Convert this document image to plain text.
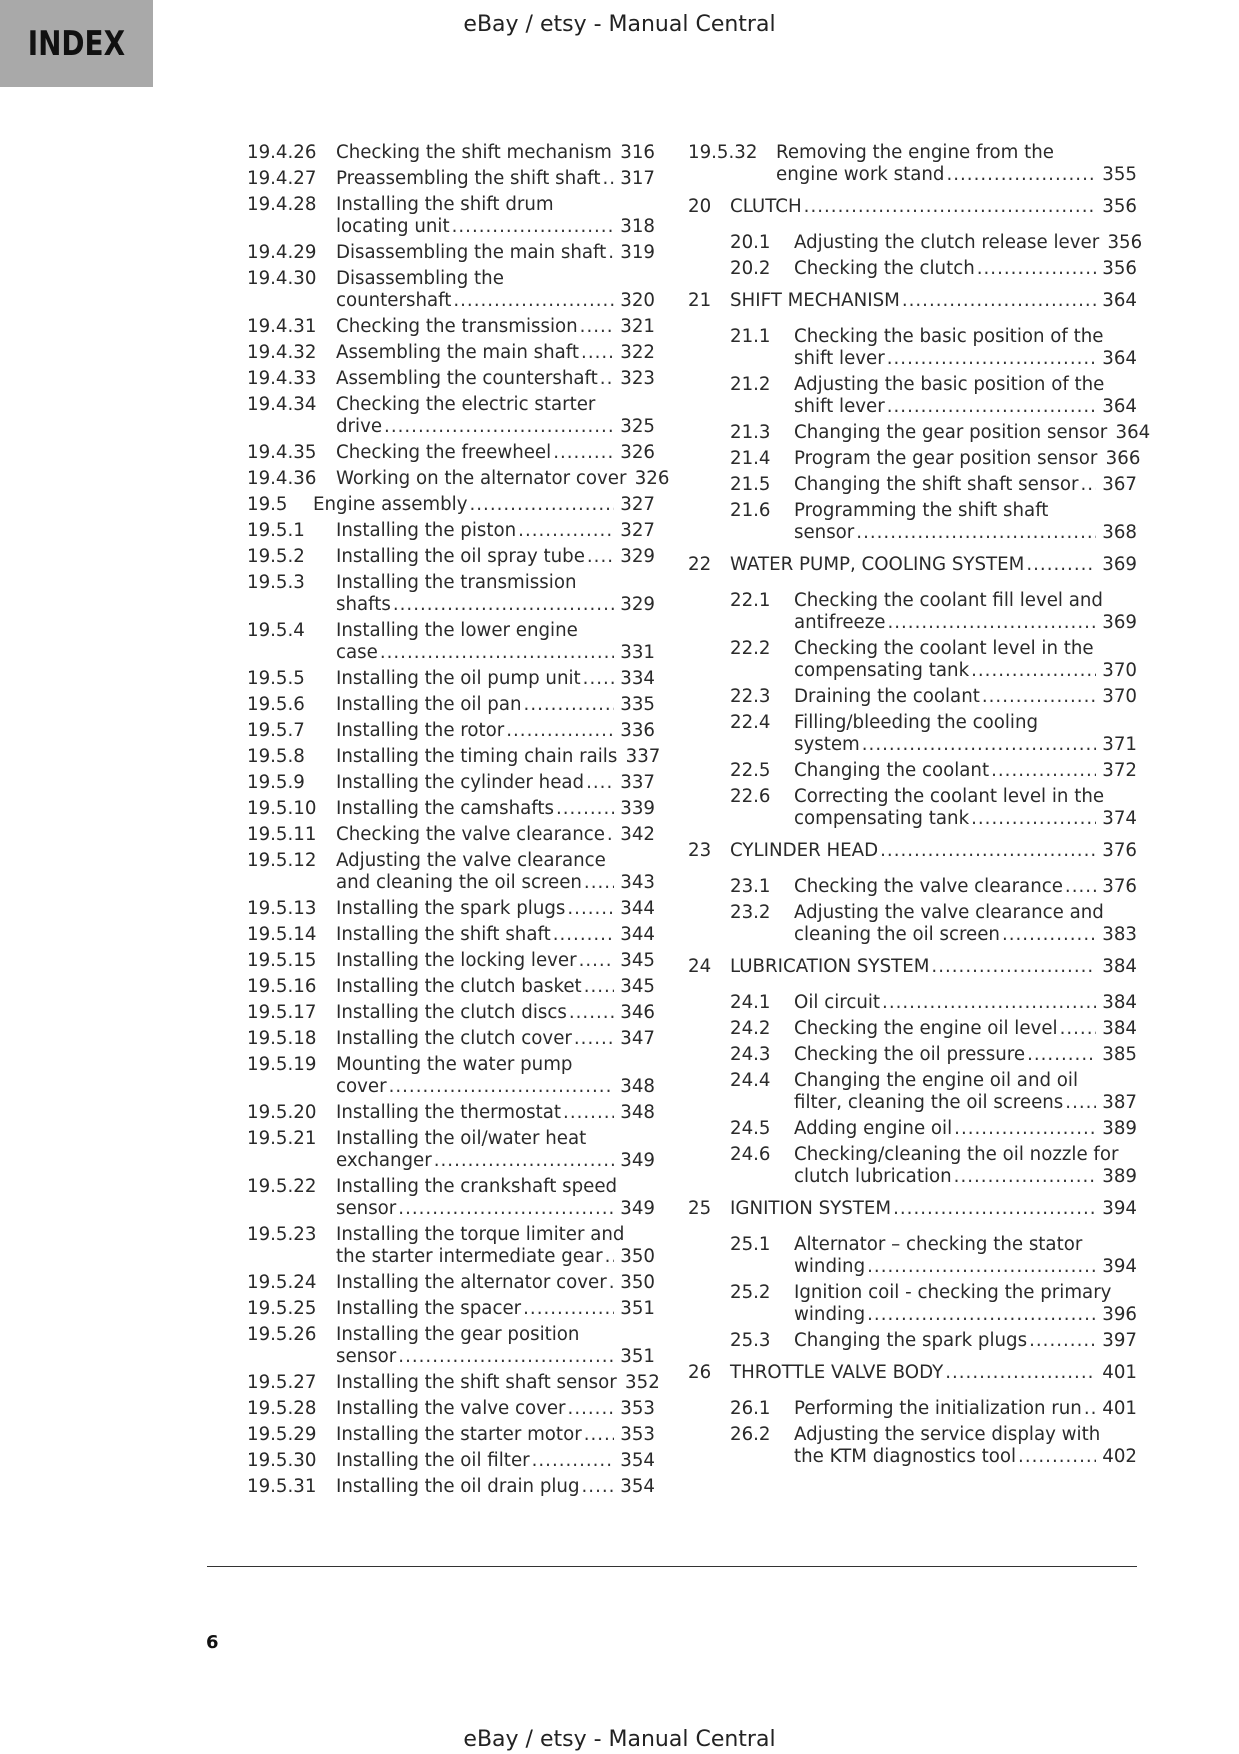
INDEX	eBay / etsy - Manual Central
19.4.26 Checking the shift mechanism ..... 316
19.4.27 Preassembling the shift shaft ..... 317
19.4.28 Installing the shift drum
locating unit .....	318
19.4.29 Disassembling the main shaft ..... 319
19.4.30 Disassembling the
countershaft .....	320
19.4.31 Checking the transmission ..... 321
19.4.32 Assembling the main shaft ..... 322
19.4.33 Assembling the countershaft ..... 323
19.4.34 Checking the electric starter
drive .....	325
19.4.35 Checking the freewheel .....	326
19.4.36 Working on the alternator cover 326
19.5 Engine assembly .....	327
19.5.1 Installing the piston .....	327
19.5.2 Installing the oil spray tube ..... 329
19.5.3 Installing the transmission
shafts .....	329
19.5.4 Installing the lower engine
case .....	331
19.5.5 Installing the oil pump unit ..... 334
19.5.6 Installing the oil pan .....	335
19.5.7 Installing the rotor .....	336
19.5.8 Installing the timing chain rails 337
19.5.9 Installing the cylinder head ..... 337
19.5.10 Installing the camshafts .....	339
19.5.11 Checking the valve clearance ..... 342
19.5.12 Adjusting the valve clearance
and cleaning the oil screen ..... 343
19.5.13 Installing the spark plugs .....	344
19.5.14 Installing the shift shaft .....	344
19.5.15 Installing the locking lever ..... 345
19.5.16 Installing the clutch basket ..... 345
19.5.17 Installing the clutch discs .....	346
19.5.18 Installing the clutch cover .....	347
19.5.19 Mounting the water pump
cover .....	348
19.5.20 Installing the thermostat .....	348
19.5.21 Installing the oil/water heat
exchanger .....	349
19.5.22 Installing the crankshaft speed
sensor .....	349
19.5.23 Installing the torque limiter and
the starter intermediate gear ..... 350
19.5.24 Installing the alternator cover ..... 350
19.5.25 Installing the spacer .....	351
19.5.26 Installing the gear position
sensor .....	351
19.5.27 Installing the shift shaft sensor 352
19.5.28 Installing the valve cover .....	353
19.5.29 Installing the starter motor ..... 353
19.5.30 Installing the oil filter .....	354
19.5.31 Installing the oil drain plug ..... 354
19.5.32 Removing the engine from the
engine work stand .....	355
20 CLUTCH .....	356
20.1 Adjusting the clutch release lever 356
20.2 Checking the clutch .....	356
21 SHIFT MECHANISM .....	364
21.1 Checking the basic position of the
shift lever .....	364
21.2 Adjusting the basic position of the
shift lever .....	364
21.3 Changing the gear position sensor 364
21.4 Program the gear position sensor 366
21.5 Changing the shift shaft sensor ..... 367
21.6 Programming the shift shaft
sensor .....	368
22 WATER PUMP, COOLING SYSTEM .....	369
22.1 Checking the coolant fill level and
antifreeze .....	369
22.2 Checking the coolant level in the
compensating tank .....	370
22.3 Draining the coolant .....	370
22.4 Filling/bleeding the cooling
system .....	371
22.5 Changing the coolant .....	372
22.6 Correcting the coolant level in the
compensating tank .....	374
23 CYLINDER HEAD .....	376
23.1 Checking the valve clearance ..... 376
23.2 Adjusting the valve clearance and
cleaning the oil screen .....	383
24 LUBRICATION SYSTEM .....	384
24.1 Oil circuit .....	384
24.2 Checking the engine oil level ..... 384
24.3 Checking the oil pressure .....	385
24.4 Changing the engine oil and oil
filter, cleaning the oil screens ..... 387
24.5 Adding engine oil .....	389
24.6 Checking/cleaning the oil nozzle for
clutch lubrication .....	389
25 IGNITION SYSTEM .....	394
25.1 Alternator – checking the stator
winding .....	394
25.2 Ignition coil - checking the primary
winding .....	396
25.3 Changing the spark plugs .....	397
26 THROTTLE VALVE BODY .....	401
26.1 Performing the initialization run ..... 401
26.2 Adjusting the service display with
the KTM diagnostics tool .....	402
6
eBay / etsy - Manual Central
